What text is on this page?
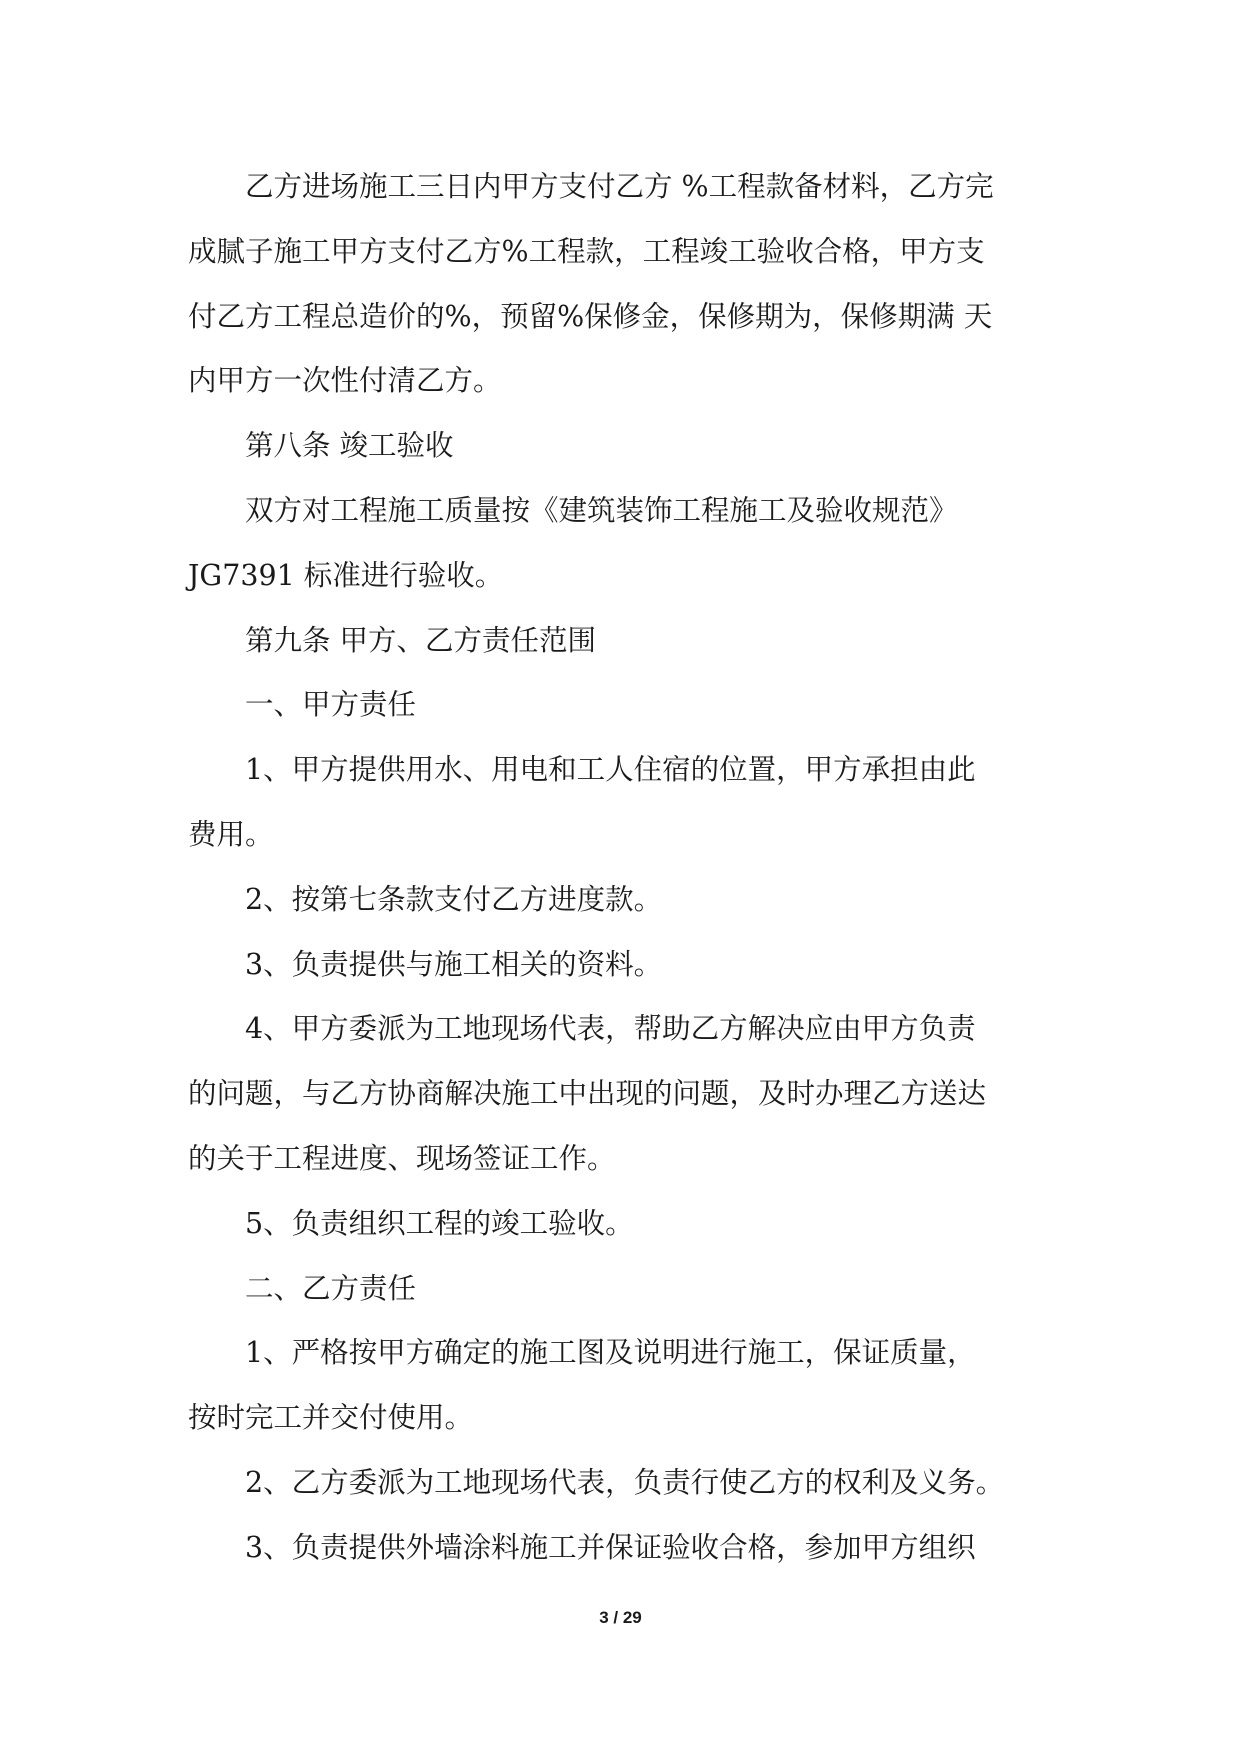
乙方进场施工三日内甲方支付乙方 %工程款备材料，乙方完
成腻子施工甲方支付乙方%工程款，工程竣工验收合格，甲方支
付乙方工程总造价的%，预留%保修金，保修期为，保修期满 天
内甲方一次性付清乙方。

第八条 竣工验收

双方对工程施工质量按《建筑装饰工程施工及验收规范》
JG7391 标准进行验收。

第九条 甲方、乙方责任范围

一、甲方责任

1、甲方提供用水、用电和工人住宿的位置，甲方承担由此
费用。

2、按第七条款支付乙方进度款。

3、负责提供与施工相关的资料。

4、甲方委派为工地现场代表，帮助乙方解决应由甲方负责
的问题，与乙方协商解决施工中出现的问题，及时办理乙方送达
的关于工程进度、现场签证工作。

5、负责组织工程的竣工验收。

二、乙方责任

1、严格按甲方确定的施工图及说明进行施工，保证质量，
按时完工并交付使用。

2、乙方委派为工地现场代表，负责行使乙方的权利及义务。

3、负责提供外墙涂料施工并保证验收合格，参加甲方组织

3 / 29
